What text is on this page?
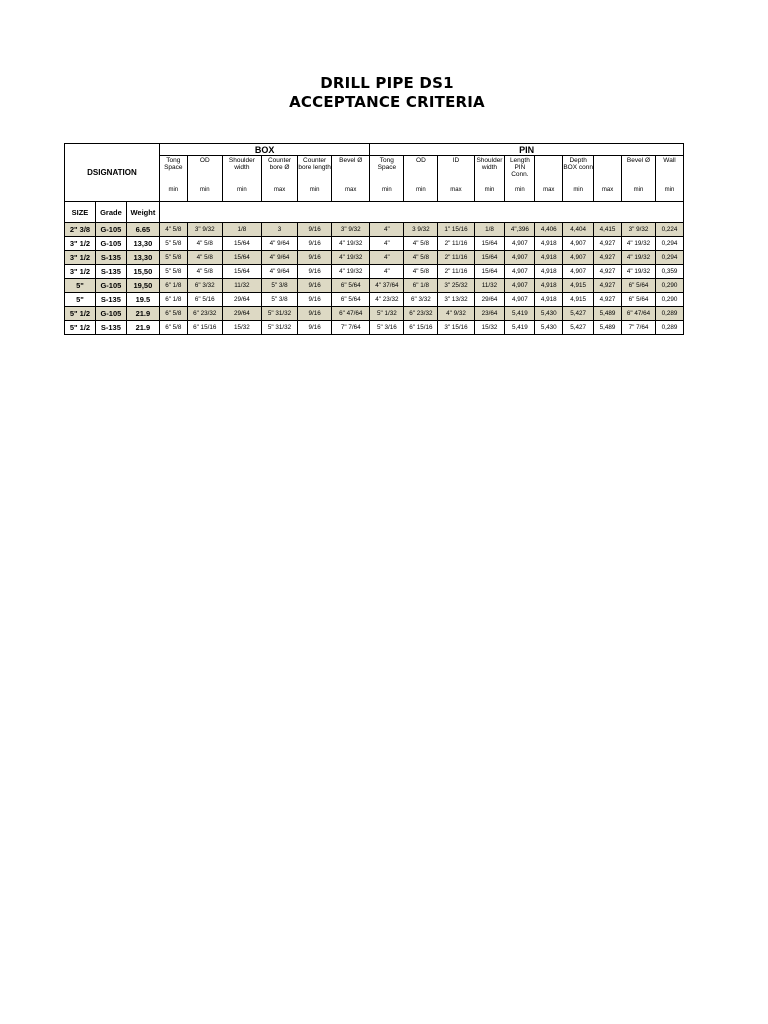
DRILL PIPE DS1
ACCEPTANCE CRITERIA
DSIGNATION			BOX						PIN									
			Tong Space	OD	Shoulder width	Counter bore Ø	Counter bore length	Bevel Ø	Tong Space	OD	ID	Shoulder width	Length PIN Conn.		Depth BOX conn		Bevel Ø	Wall
			min	min	min	max	min	max	min	min	max	min	min	max	min	max	min	min
SIZE	Grade	Weight																
2" 3/8	G-105	6.65	4" 5/8	3" 9/32	1/8	3	9/16	3" 9/32	4"	3 9/32	1" 15/16	1/8	4",396	4,406	4,404	4,415	3" 9/32	0,224
3" 1/2	G-105	13,30	5" 5/8	4" 5/8	15/64	4" 9/64	9/16	4" 19/32	4"	4" 5/8	2" 11/16	15/64	4,907	4,918	4,907	4,927	4" 19/32	0,294
3" 1/2	S-135	13,30	5" 5/8	4" 5/8	15/64	4" 9/64	9/16	4" 19/32	4"	4" 5/8	2" 11/16	15/64	4,907	4,918	4,907	4,927	4" 19/32	0,294
3" 1/2	S-135	15,50	5" 5/8	4" 5/8	15/64	4" 9/64	9/16	4" 19/32	4"	4" 5/8	2" 11/16	15/64	4,907	4,918	4,907	4,927	4" 19/32	0,359
5"	G-105	19,50	6" 1/8	6" 3/32	11/32	5" 3/8	9/16	6" 5/64	4" 37/64	6" 1/8	3" 25/32	11/32	4,907	4,918	4,915	4,927	6" 5/64	0,290
5"	S-135	19.5	6" 1/8	6" 5/16	29/64	5" 3/8	9/16	6" 5/64	4" 23/32	6" 3/32	3" 13/32	29/64	4,907	4,918	4,915	4,927	6" 5/64	0,290
5" 1/2	G-105	21.9	6" 5/8	6" 23/32	29/64	5" 31/32	9/16	6" 47/64	5" 1/32	6" 23/32	4" 9/32	23/64	5,419	5,430	5,427	5,489	6" 47/64	0,289
5" 1/2	S-135	21.9	6" 5/8	6" 15/16	15/32	5" 31/32	9/16	7" 7/64	5" 3/16	6" 15/16	3" 15/16	15/32	5,419	5,430	5,427	5,489	7" 7/64	0,289
